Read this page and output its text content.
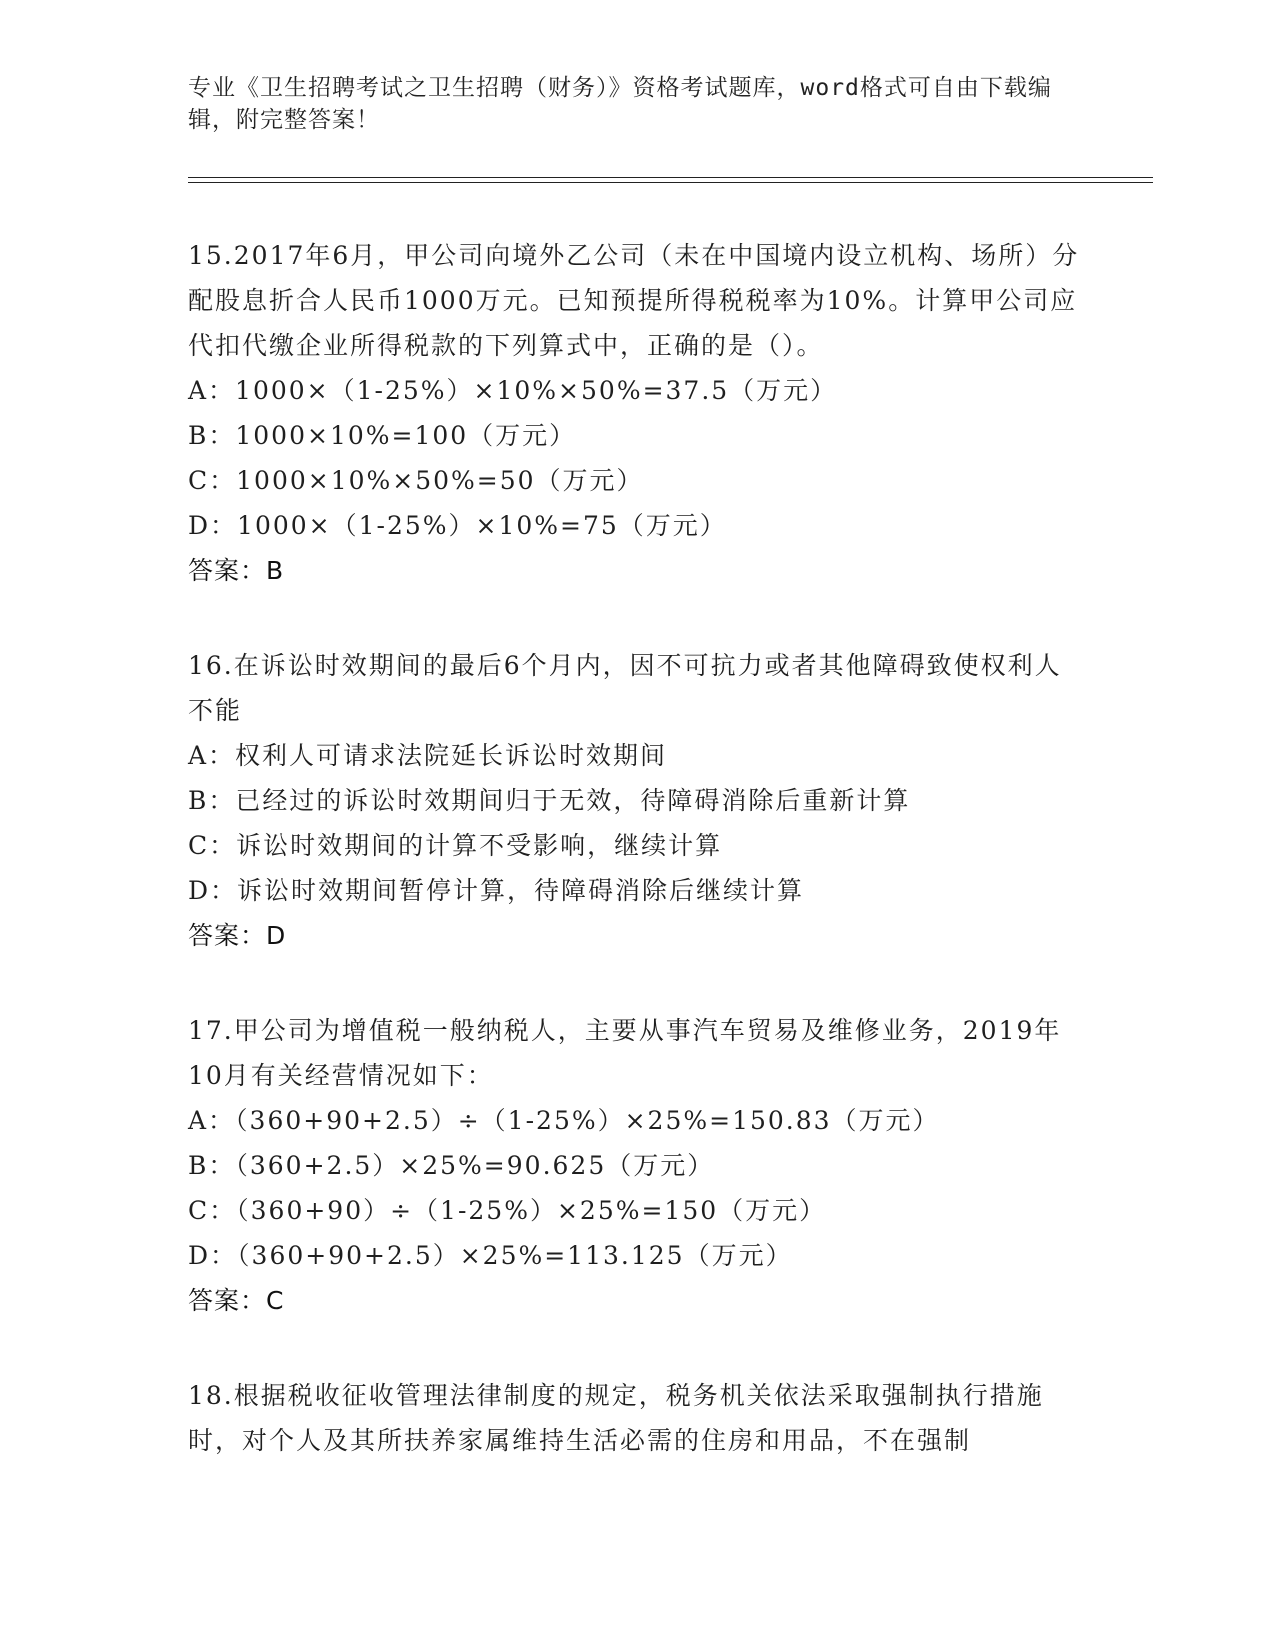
专业《卫生招聘考试之卫生招聘（财务）》资格考试题库，word格式可自由下载编辑，附完整答案！
15.2017年6月，甲公司向境外乙公司（未在中国境内设立机构、场所）分配股息折合人民币1000万元。已知预提所得税税率为10%。计算甲公司应代扣代缴企业所得税款的下列算式中，正确的是（）。
A：1000×（1-25%）×10%×50%=37.5（万元）
B：1000×10%=100（万元）
C：1000×10%×50%=50（万元）
D：1000×（1-25%）×10%=75（万元）
答案：B
16.在诉讼时效期间的最后6个月内，因不可抗力或者其他障碍致使权利人不能
A：权利人可请求法院延长诉讼时效期间
B：已经过的诉讼时效期间归于无效，待障碍消除后重新计算
C：诉讼时效期间的计算不受影响，继续计算
D：诉讼时效期间暂停计算，待障碍消除后继续计算
答案：D
17.甲公司为增值税一般纳税人，主要从事汽车贸易及维修业务，2019年10月有关经营情况如下：
A：（360+90+2.5）÷（1-25%）×25%=150.83（万元）
B：（360+2.5）×25%=90.625（万元）
C：（360+90）÷（1-25%）×25%=150（万元）
D：（360+90+2.5）×25%=113.125（万元）
答案：C
18.根据税收征收管理法律制度的规定，税务机关依法采取强制执行措施时，对个人及其所扶养家属维持生活必需的住房和用品，不在强制
